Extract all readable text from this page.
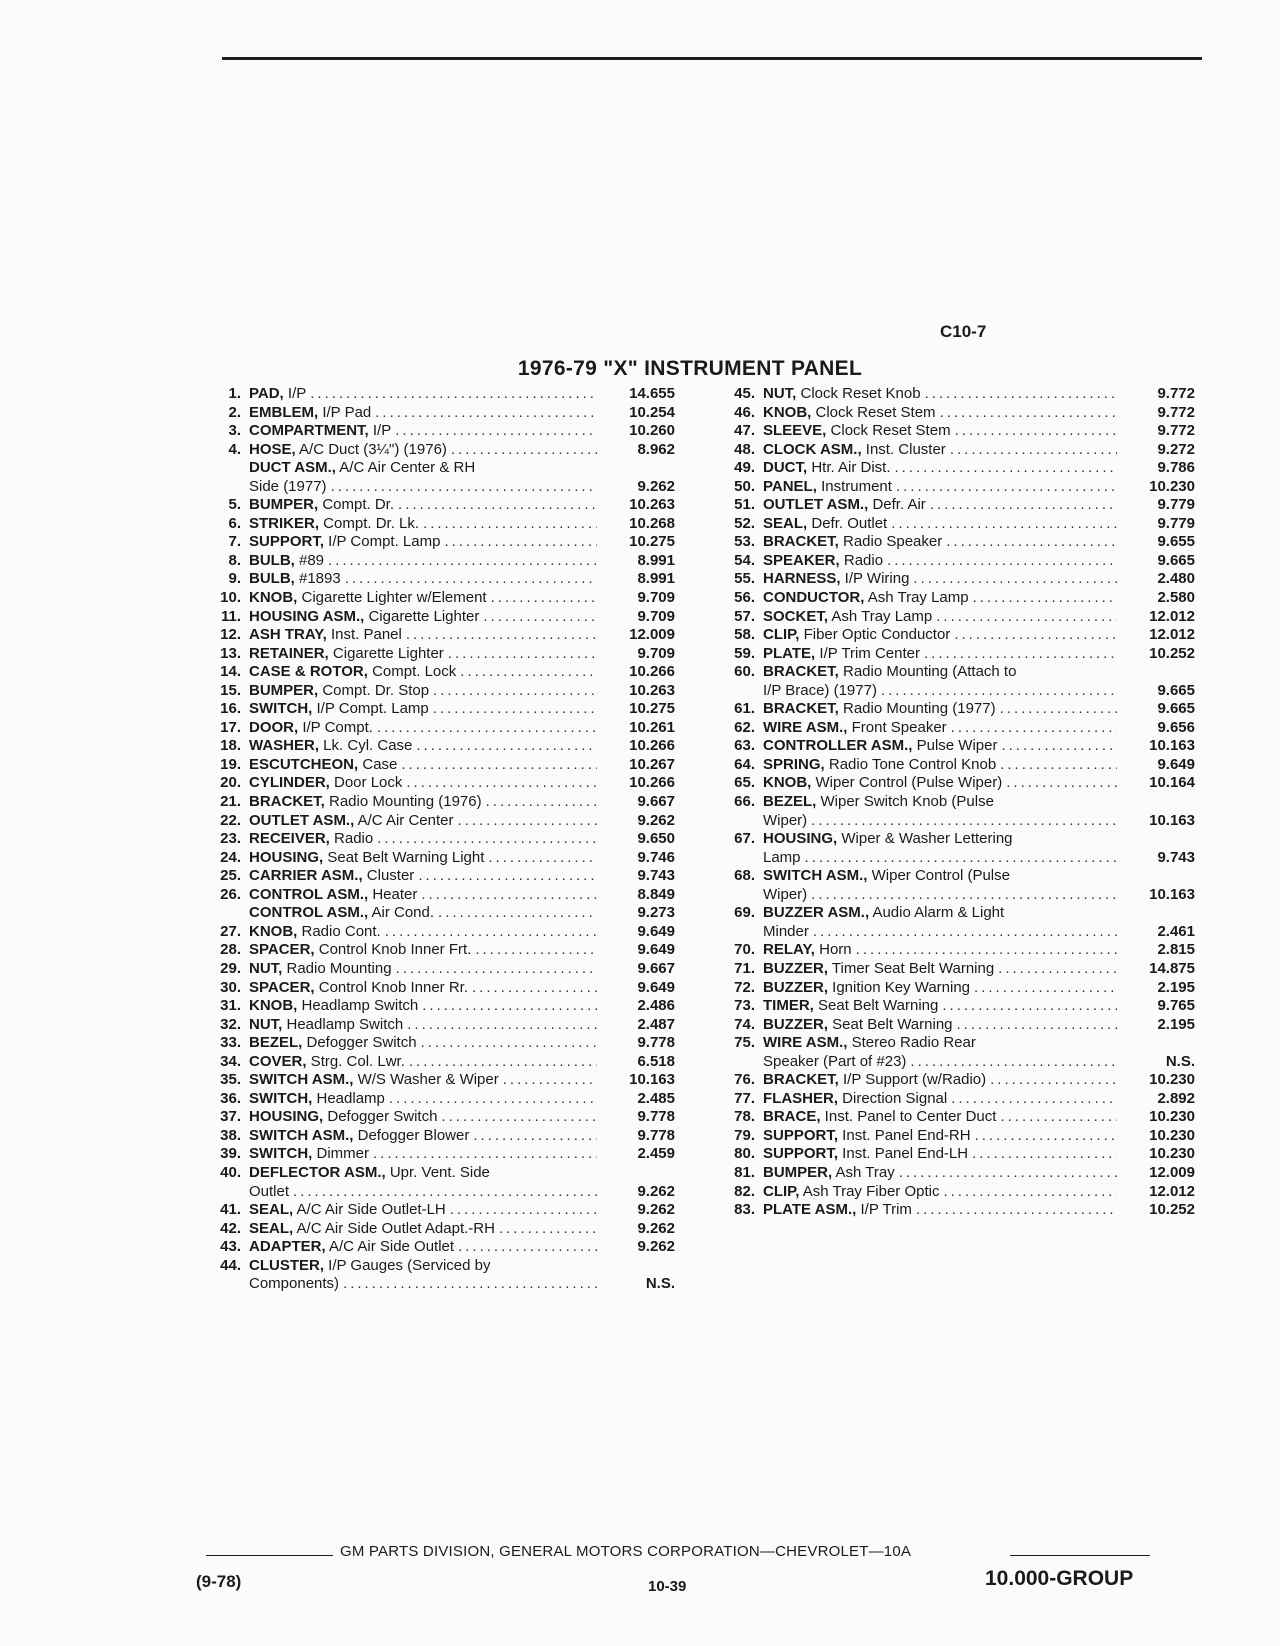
C10-7
1976-79 "X" INSTRUMENT PANEL
1. PAD, I/P .....	14.655
2. EMBLEM, I/P Pad .....	10.254
3. COMPARTMENT, I/P .....	10.260
4. HOSE, A/C Duct (3¼") (1976) .....	8.962
DUCT ASM., A/C Air Center & RH
Side (1977) .....	9.262
5. BUMPER, Compt. Dr. .....	10.263
6. STRIKER, Compt. Dr. Lk. .....	10.268
7. SUPPORT, I/P Compt. Lamp .....	10.275
8. BULB, #89 .....	8.991
9. BULB, #1893 .....	8.991
10. KNOB, Cigarette Lighter w/Element .....	9.709
11. HOUSING ASM., Cigarette Lighter .....	9.709
12. ASH TRAY, Inst. Panel .....	12.009
13. RETAINER, Cigarette Lighter .....	9.709
14. CASE & ROTOR, Compt. Lock .....	10.266
15. BUMPER, Compt. Dr. Stop .....	10.263
16. SWITCH, I/P Compt. Lamp .....	10.275
17. DOOR, I/P Compt. .....	10.261
18. WASHER, Lk. Cyl. Case .....	10.266
19. ESCUTCHEON, Case .....	10.267
20. CYLINDER, Door Lock .....	10.266
21. BRACKET, Radio Mounting (1976) .....	9.667
22. OUTLET ASM., A/C Air Center .....	9.262
23. RECEIVER, Radio .....	9.650
24. HOUSING, Seat Belt Warning Light .....	9.746
25. CARRIER ASM., Cluster .....	9.743
26. CONTROL ASM., Heater .....	8.849
CONTROL ASM., Air Cond. .....	9.273
27. KNOB, Radio Cont. .....	9.649
28. SPACER, Control Knob Inner Frt. .....	9.649
29. NUT, Radio Mounting .....	9.667
30. SPACER, Control Knob Inner Rr. .....	9.649
31. KNOB, Headlamp Switch .....	2.486
32. NUT, Headlamp Switch .....	2.487
33. BEZEL, Defogger Switch .....	9.778
34. COVER, Strg. Col. Lwr. .....	6.518
35. SWITCH ASM., W/S Washer & Wiper .....	10.163
36. SWITCH, Headlamp .....	2.485
37. HOUSING, Defogger Switch .....	9.778
38. SWITCH ASM., Defogger Blower .....	9.778
39. SWITCH, Dimmer .....	2.459
40. DEFLECTOR ASM., Upr. Vent. Side
Outlet .....	9.262
41. SEAL, A/C Air Side Outlet-LH .....	9.262
42. SEAL, A/C Air Side Outlet Adapt.-RH .....	9.262
43. ADAPTER, A/C Air Side Outlet .....	9.262
44. CLUSTER, I/P Gauges (Serviced by
Components) .....	N.S.
45. NUT, Clock Reset Knob .....	9.772
46. KNOB, Clock Reset Stem .....	9.772
47. SLEEVE, Clock Reset Stem .....	9.772
48. CLOCK ASM., Inst. Cluster .....	9.272
49. DUCT, Htr. Air Dist. .....	9.786
50. PANEL, Instrument .....	10.230
51. OUTLET ASM., Defr. Air .....	9.779
52. SEAL, Defr. Outlet .....	9.779
53. BRACKET, Radio Speaker .....	9.655
54. SPEAKER, Radio .....	9.665
55. HARNESS, I/P Wiring .....	2.480
56. CONDUCTOR, Ash Tray Lamp .....	2.580
57. SOCKET, Ash Tray Lamp .....	12.012
58. CLIP, Fiber Optic Conductor .....	12.012
59. PLATE, I/P Trim Center .....	10.252
60. BRACKET, Radio Mounting (Attach to
I/P Brace) (1977) .....	9.665
61. BRACKET, Radio Mounting (1977) .....	9.665
62. WIRE ASM., Front Speaker .....	9.656
63. CONTROLLER ASM., Pulse Wiper .....	10.163
64. SPRING, Radio Tone Control Knob .....	9.649
65. KNOB, Wiper Control (Pulse Wiper) .....	10.164
66. BEZEL, Wiper Switch Knob (Pulse
Wiper) .....	10.163
67. HOUSING, Wiper & Washer Lettering
Lamp .....	9.743
68. SWITCH ASM., Wiper Control (Pulse
Wiper) .....	10.163
69. BUZZER ASM., Audio Alarm & Light
Minder .....	2.461
70. RELAY, Horn .....	2.815
71. BUZZER, Timer Seat Belt Warning .....	14.875
72. BUZZER, Ignition Key Warning .....	2.195
73. TIMER, Seat Belt Warning .....	9.765
74. BUZZER, Seat Belt Warning .....	2.195
75. WIRE ASM., Stereo Radio Rear
Speaker (Part of #23) .....	N.S.
76. BRACKET, I/P Support (w/Radio) .....	10.230
77. FLASHER, Direction Signal .....	2.892
78. BRACE, Inst. Panel to Center Duct .....	10.230
79. SUPPORT, Inst. Panel End-RH .....	10.230
80. SUPPORT, Inst. Panel End-LH .....	10.230
81. BUMPER, Ash Tray .....	12.009
82. CLIP, Ash Tray Fiber Optic .....	12.012
83. PLATE ASM., I/P Trim .....	10.252
GM PARTS DIVISION, GENERAL MOTORS CORPORATION—CHEVROLET—10A
(9-78)	10-39	10.000-GROUP
